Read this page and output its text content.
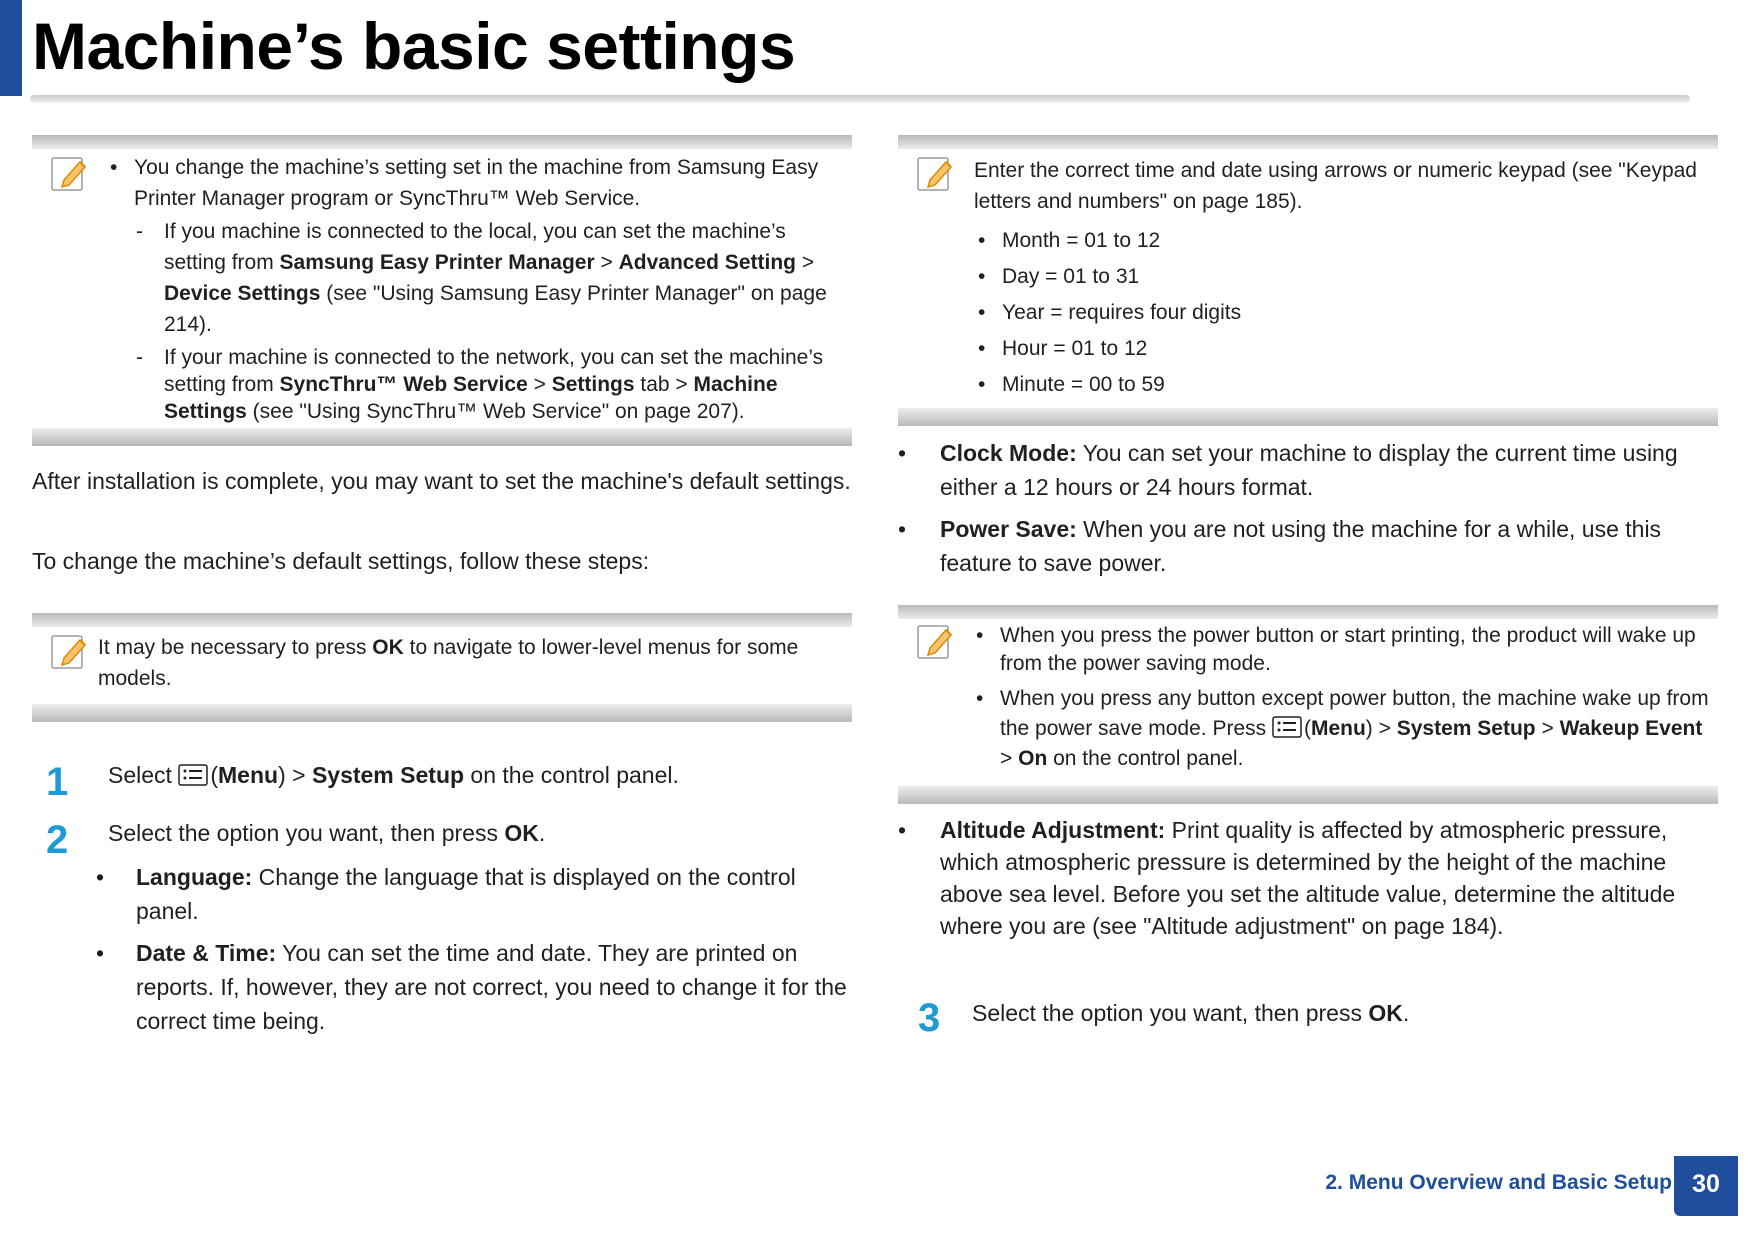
Machine’s basic settings
• You change the machine’s setting set in the machine from Samsung Easy Printer Manager program or SyncThru™ Web Service.
- If you machine is connected to the local, you can set the machine’s setting from Samsung Easy Printer Manager > Advanced Setting > Device Settings (see "Using Samsung Easy Printer Manager" on page 214).
- If your machine is connected to the network, you can set the machine’s setting from SyncThru™ Web Service > Settings tab > Machine Settings (see "Using SyncThru™ Web Service" on page 207).

After installation is complete, you may want to set the machine's default settings.

To change the machine’s default settings, follow these steps:

It may be necessary to press OK to navigate to lower-level menus for some models.
1 Select (Menu) > System Setup on the control panel.
2 Select the option you want, then press OK.
• Language: Change the language that is displayed on the control panel.
• Date & Time: You can set the time and date. They are printed on reports. If, however, they are not correct, you need to change it for the correct time being.
Enter the correct time and date using arrows or numeric keypad (see "Keypad letters and numbers" on page 185).
• Month = 01 to 12
• Day = 01 to 31
• Year = requires four digits
• Hour = 01 to 12
• Minute = 00 to 59
• Clock Mode: You can set your machine to display the current time using either a 12 hours or 24 hours format.
• Power Save: When you are not using the machine for a while, use this feature to save power.
• When you press the power button or start printing, the product will wake up from the power saving mode.
• When you press any button except power button, the machine wake up from the power save mode. Press (Menu) > System Setup > Wakeup Event > On on the control panel.
• Altitude Adjustment: Print quality is affected by atmospheric pressure, which atmospheric pressure is determined by the height of the machine above sea level. Before you set the altitude value, determine the altitude where you are (see "Altitude adjustment" on page 184).
3 Select the option you want, then press OK.
2. Menu Overview and Basic Setup 30
